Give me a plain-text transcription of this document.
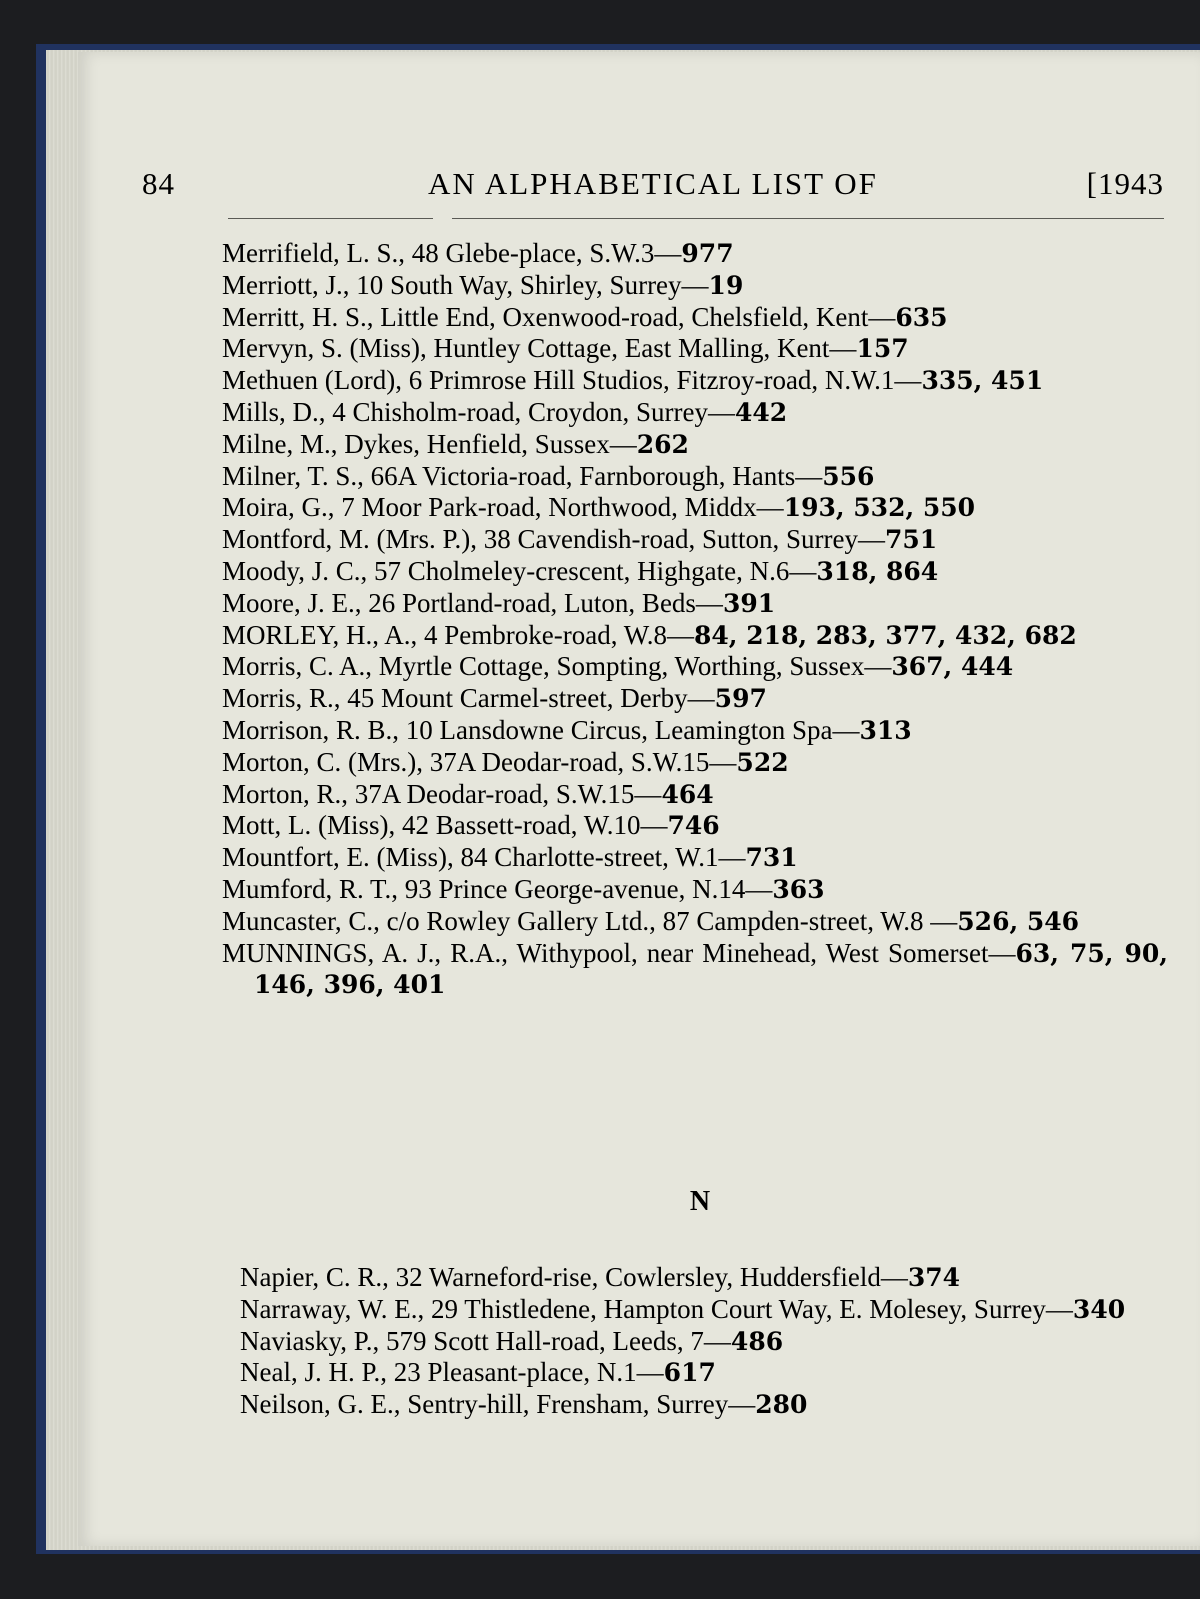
84	AN ALPHABETICAL LIST OF	[1943
Merrifield, L. S., 48 Glebe-place, S.W.3—977
Merriott, J., 10 South Way, Shirley, Surrey—19
Merritt, H. S., Little End, Oxenwood-road, Chelsfield, Kent—635
Mervyn, S. (Miss), Huntley Cottage, East Malling, Kent—157
Methuen (Lord), 6 Primrose Hill Studios, Fitzroy-road, N.W.1—335, 451
Mills, D., 4 Chisholm-road, Croydon, Surrey—442
Milne, M., Dykes, Henfield, Sussex—262
Milner, T. S., 66A Victoria-road, Farnborough, Hants—556
Moira, G., 7 Moor Park-road, Northwood, Middx—193, 532, 550
Montford, M. (Mrs. P.), 38 Cavendish-road, Sutton, Surrey—751
Moody, J. C., 57 Cholmeley-crescent, Highgate, N.6—318, 864
Moore, J. E., 26 Portland-road, Luton, Beds—391
MORLEY, H., A., 4 Pembroke-road, W.8—84, 218, 283, 377, 432, 682
Morris, C. A., Myrtle Cottage, Sompting, Worthing, Sussex—367, 444
Morris, R., 45 Mount Carmel-street, Derby—597
Morrison, R. B., 10 Lansdowne Circus, Leamington Spa—313
Morton, C. (Mrs.), 37A Deodar-road, S.W.15—522
Morton, R., 37A Deodar-road, S.W.15—464
Mott, L. (Miss), 42 Bassett-road, W.10—746
Mountfort, E. (Miss), 84 Charlotte-street, W.1—731
Mumford, R. T., 93 Prince George-avenue, N.14—363
Muncaster, C., c/o Rowley Gallery Ltd., 87 Campden-street, W.8 —526, 546
MUNNINGS, A. J., R.A., Withypool, near Minehead, West Somerset—63, 75, 90, 146, 396, 401
N
Napier, C. R., 32 Warneford-rise, Cowlersley, Huddersfield—374
Narraway, W. E., 29 Thistledene, Hampton Court Way, E. Molesey, Surrey—340
Naviasky, P., 579 Scott Hall-road, Leeds, 7—486
Neal, J. H. P., 23 Pleasant-place, N.1—617
Neilson, G. E., Sentry-hill, Frensham, Surrey—280
